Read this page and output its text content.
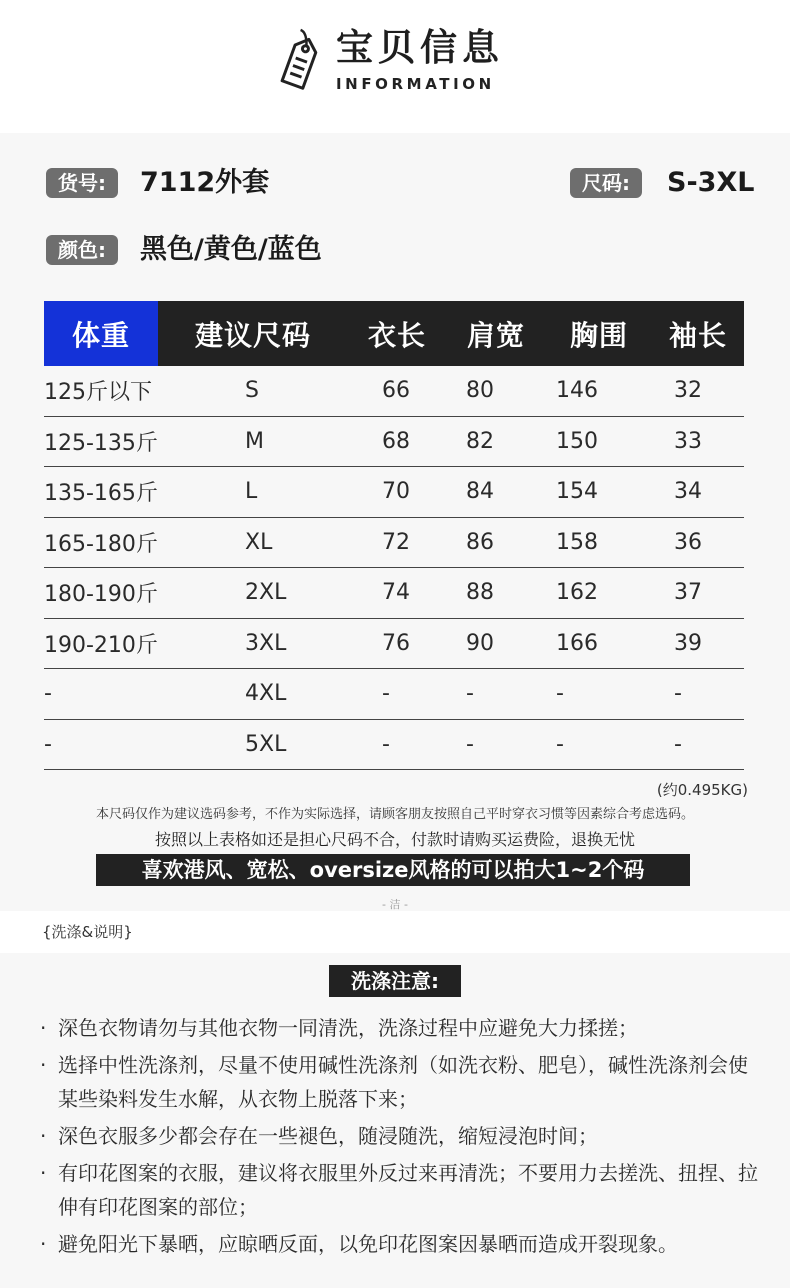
宝贝信息
INFORMATION
货号:	7112外套	尺码:	S-3XL
颜色:	黑色/黄色/蓝色
体重	建议尺码	衣长	肩宽	胸围	袖长
125斤以下	S	66	80	146	32
125-135斤	M	68	82	150	33
135-165斤	L	70	84	154	34
165-180斤	XL	72	86	158	36
180-190斤	2XL	74	88	162	37
190-210斤	3XL	76	90	166	39
-	4XL	-	-	-	-
-	5XL	-	-	-	-
(约0.495KG)
本尺码仅作为建议选码参考，不作为实际选择，请顾客朋友按照自己平时穿衣习惯等因素综合考虑选码。
按照以上表格如还是担心尺码不合，付款时请购买运费险，退换无忧
喜欢港风、宽松、oversize风格的可以拍大1~2个码
- 洁 -
{洗涤&说明}
洗涤注意:
· 深色衣物请勿与其他衣物一同清洗，洗涤过程中应避免大力揉搓；
· 选择中性洗涤剂，尽量不使用碱性洗涤剂（如洗衣粉、肥皂），碱性洗涤剂会使某些染料发生水解，从衣物上脱落下来；
· 深色衣服多少都会存在一些褪色，随浸随洗，缩短浸泡时间；
· 有印花图案的衣服，建议将衣服里外反过来再清洗；不要用力去搓洗、扭捏、拉伸有印花图案的部位；
· 避免阳光下暴晒，应晾晒反面，以免印花图案因暴晒而造成开裂现象。
